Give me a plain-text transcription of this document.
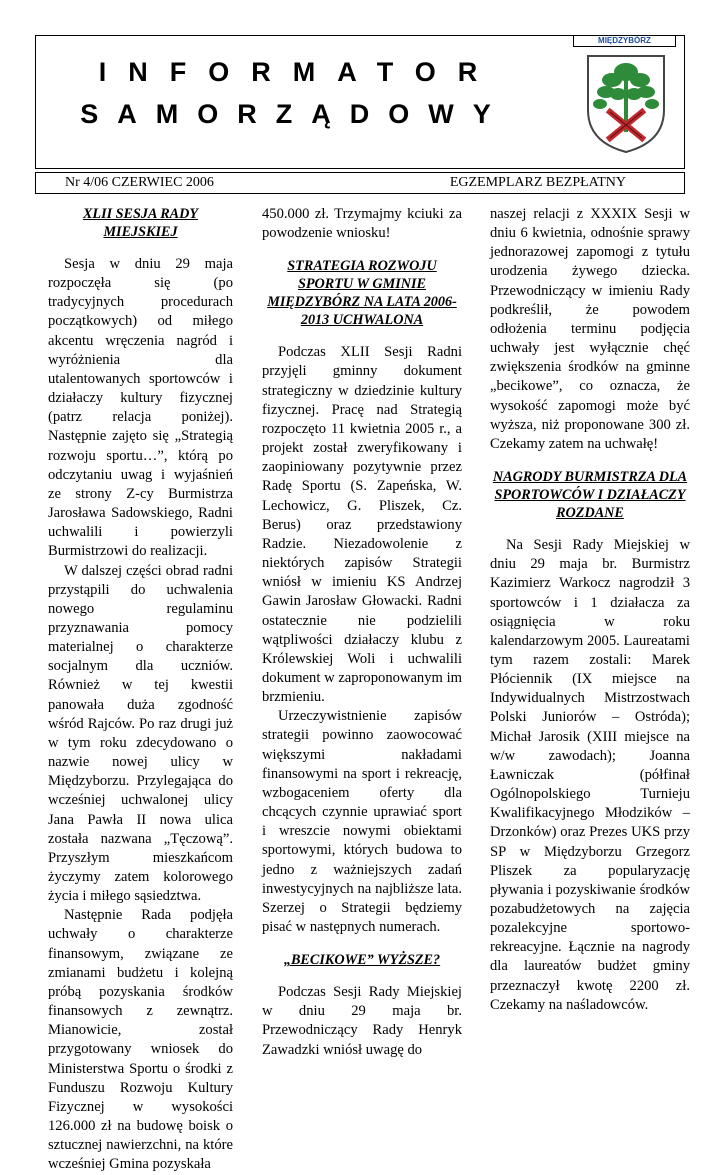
INFORMATOR
SAMORZĄDOWY
MIĘDZYBÓRZ
Nr 4/06 CZERWIEC 2006	EGZEMPLARZ BEZPŁATNY
XLII SESJA RADY MIEJSKIEJ

Sesja w dniu 29 maja rozpoczęła się (po tradycyjnych procedurach początkowych) od miłego akcentu wręczenia nagród i wyróżnienia dla utalentowanych sportowców i działaczy kultury fizycznej (patrz relacja poniżej). Następnie zajęto się „Strategią rozwoju sportu…”, którą po odczytaniu uwag i wyjaśnień ze strony Z-cy Burmistrza Jarosława Sadowskiego, Radni uchwalili i powierzyli Burmistrzowi do realizacji.

W dalszej części obrad radni przystąpili do uchwalenia nowego regulaminu przyznawania pomocy materialnej o charakterze socjalnym dla uczniów. Również w tej kwestii panowała duża zgodność wśród Rajców. Po raz drugi już w tym roku zdecydowano o nazwie nowej ulicy w Międzyborzu. Przylegająca do wcześniej uchwalonej ulicy Jana Pawła II nowa ulica została nazwana „Tęczową”. Przyszłym mieszkańcom życzymy zatem kolorowego życia i miłego sąsiedztwa.

Następnie Rada podjęła uchwały o charakterze finansowym, związane ze zmianami budżetu i kolejną próbą pozyskania środków finansowych z zewnątrz. Mianowicie, został przygotowany wniosek do Ministerstwa Sportu o środki z Funduszu Rozwoju Kultury Fizycznej w wysokości 126.000 zł na budowę boisk o sztucznej nawierzchni, na które wcześniej Gmina pozyskała

450.000 zł. Trzymajmy kciuki za powodzenie wniosku!

STRATEGIA ROZWOJU SPORTU W GMINIE MIĘDZYBÓRZ NA LATA 2006-2013 UCHWALONA

Podczas XLII Sesji Radni przyjęli gminny dokument strategiczny w dziedzinie kultury fizycznej. Pracę nad Strategią rozpoczęto 11 kwietnia 2005 r., a projekt został zweryfikowany i zaopiniowany pozytywnie przez Radę Sportu (S. Zapeńska, W. Lechowicz, G. Pliszek, Cz. Berus) oraz przedstawiony Radzie. Niezadowolenie z niektórych zapisów Strategii wniósł w imieniu KS Andrzej Gawin Jarosław Głowacki. Radni ostatecznie nie podzielili wątpliwości działaczy klubu z Królewskiej Woli i uchwalili dokument w zaproponowanym im brzmieniu.

Urzeczywistnienie zapisów strategii powinno zaowocować większymi nakładami finansowymi na sport i rekreację, wzbogaceniem oferty dla chcących czynnie uprawiać sport i wreszcie nowymi obiektami sportowymi, których budowa to jedno z ważniejszych zadań inwestycyjnych na najbliższe lata. Szerzej o Strategii będziemy pisać w następnych numerach.

„BECIKOWE” WYŻSZE?

Podczas Sesji Rady Miejskiej w dniu 29 maja br. Przewodniczący Rady Henryk Zawadzki wniósł uwagę do

naszej relacji z XXXIX Sesji w dniu 6 kwietnia, odnośnie sprawy jednorazowej zapomogi z tytułu urodzenia żywego dziecka. Przewodniczący w imieniu Rady podkreślił, że powodem odłożenia terminu podjęcia uchwały jest wyłącznie chęć zwiększenia środków na gminne „becikowe”, co oznacza, że wysokość zapomogi może być wyższa, niż proponowane 300 zł. Czekamy zatem na uchwałę!

NAGRODY BURMISTRZA DLA SPORTOWCÓW I DZIAŁACZY ROZDANE

Na Sesji Rady Miejskiej w dniu 29 maja br. Burmistrz Kazimierz Warkocz nagrodził 3 sportowców i 1 działacza za osiągnięcia w roku kalendarzowym 2005. Laureatami tym razem zostali: Marek Płóciennik (IX miejsce na Indywidualnych Mistrzostwach Polski Juniorów – Ostróda); Michał Jarosik (XIII miejsce na w/w zawodach); Joanna Ławniczak (półfinał Ogólnopolskiego Turnieju Kwalifikacyjnego Młodzików – Drzonków) oraz Prezes UKS przy SP w Międzyborzu Grzegorz Pliszek za popularyzację pływania i pozyskiwanie środków pozabudżetowych na zajęcia pozalekcyjne sportowo-rekreacyjne. Łącznie na nagrody dla laureatów budżet gminy przeznaczył kwotę 2200 zł. Czekamy na naśladowców.
